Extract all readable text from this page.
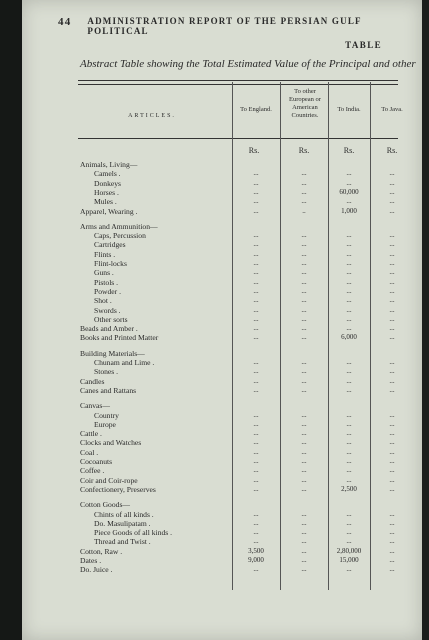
44 ADMINISTRATION REPORT OF THE PERSIAN GULF POLITICAL
TABLE
Abstract Table showing the Total Estimated Value of the Principal and other
ARTICLES.
To England.
To other European or American Countries.
To India.	To Java.
Rs.	Rs.	Rs.	Rs.
Animals, Living—
Camels .	...	...	...	...
Donkeys	...	...	...	...
Horses .	...	...	60,000	...
Mules .	...	...	...	...
Apparel, Wearing .	...	..	1,000	...
Arms and Ammunition—
Caps, Percussion	...	...	...	...
Cartridges	...	...	...	...
Flints .	...	...	...	...
Flint-locks	...	...	...	...
Guns .	...	...	...	...
Pistols .	...	...	...	...
Powder .	...	...	...	...
Shot .	...	...	...	...
Swords .	...	...	...	...
Other sorts	...	...	...	...
Beads and Amber .	...	...	...	...
Books and Printed Matter	...	...	6,000	...
Building Materials—
Chunam and Lime .	...	...	...	...
Stones .	...	...	...	...
Candles	...	...	...	...
Canes and Rattans	...	...	...	...
Canvas—
Country	...	...	...	...
Europe	...	...	...	...
Cattle .	...	...	...	...
Clocks and Watches	...	...	...	...
Coal .	...	...	...	...
Cocoanuts	...	...	...	...
Coffee .	...	...	...	...
Coir and Coir-rope	...	...	...	...
Confectionery, Preserves	...	...	2,500	...
Cotton Goods—
Chints of all kinds .	...	...	...	...
Do. Masulipatam .	...	...	...	...
Piece Goods of all kinds .	...	...	...	...
Thread and Twist .	...	...	...	...
Cotton, Raw .	3,500	...	2,80,000	...
Dates .	9,000	...	15,000	...
Do. Juice .	...	...	...	...
